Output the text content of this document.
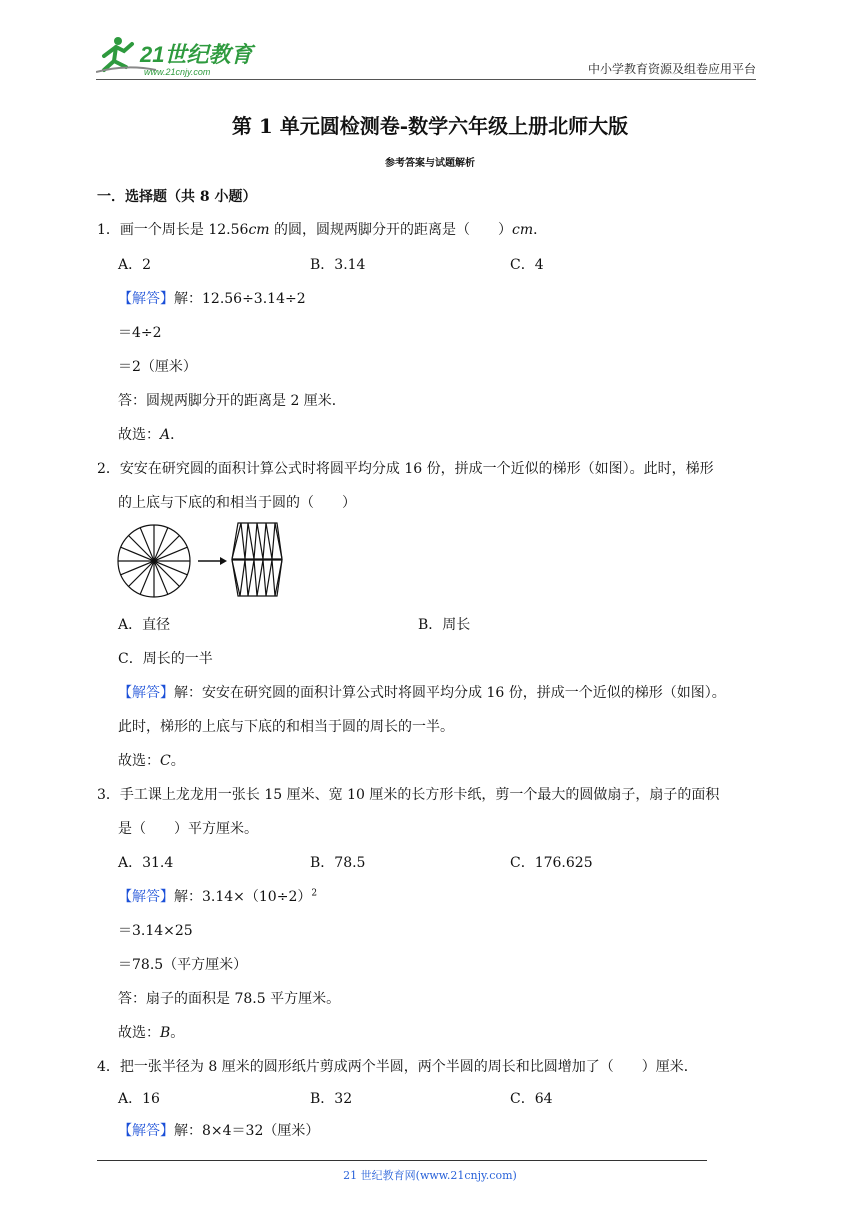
21世纪教育
www.21cnjy.com	中小学教育资源及组卷应用平台
第 1 单元圆检测卷-数学六年级上册北师大版
参考答案与试题解析
一．选择题（共 8 小题）
1．画一个周长是 12.56cm 的圆，圆规两脚分开的距离是（　　）cm．
A．2	B．3.14	C．4
【解答】解：12.56÷3.14÷2
＝4÷2
＝2（厘米）
答：圆规两脚分开的距离是 2 厘米．
故选：A．
2．安安在研究圆的面积计算公式时将圆平均分成 16 份，拼成一个近似的梯形（如图）。此时，梯形
的上底与下底的和相当于圆的（　　）
A．直径	B．周长
C．周长的一半
【解答】解：安安在研究圆的面积计算公式时将圆平均分成 16 份，拼成一个近似的梯形（如图）。
此时，梯形的上底与下底的和相当于圆的周长的一半。
故选：C。
3．手工课上龙龙用一张长 15 厘米、宽 10 厘米的长方形卡纸，剪一个最大的圆做扇子，扇子的面积
是（　　）平方厘米。
A．31.4	B．78.5	C．176.625
【解答】解：$3.14\times(10\div 2)^2$
＝3.14×25
＝78.5（平方厘米）
答：扇子的面积是 78.5 平方厘米。
故选：B。
4．把一张半径为 8 厘米的圆形纸片剪成两个半圆，两个半圆的周长和比圆增加了（　　）厘米．
A．16	B．32	C．64
【解答】解：8×4＝32（厘米）
21 世纪教育网(www.21cnjy.com)
